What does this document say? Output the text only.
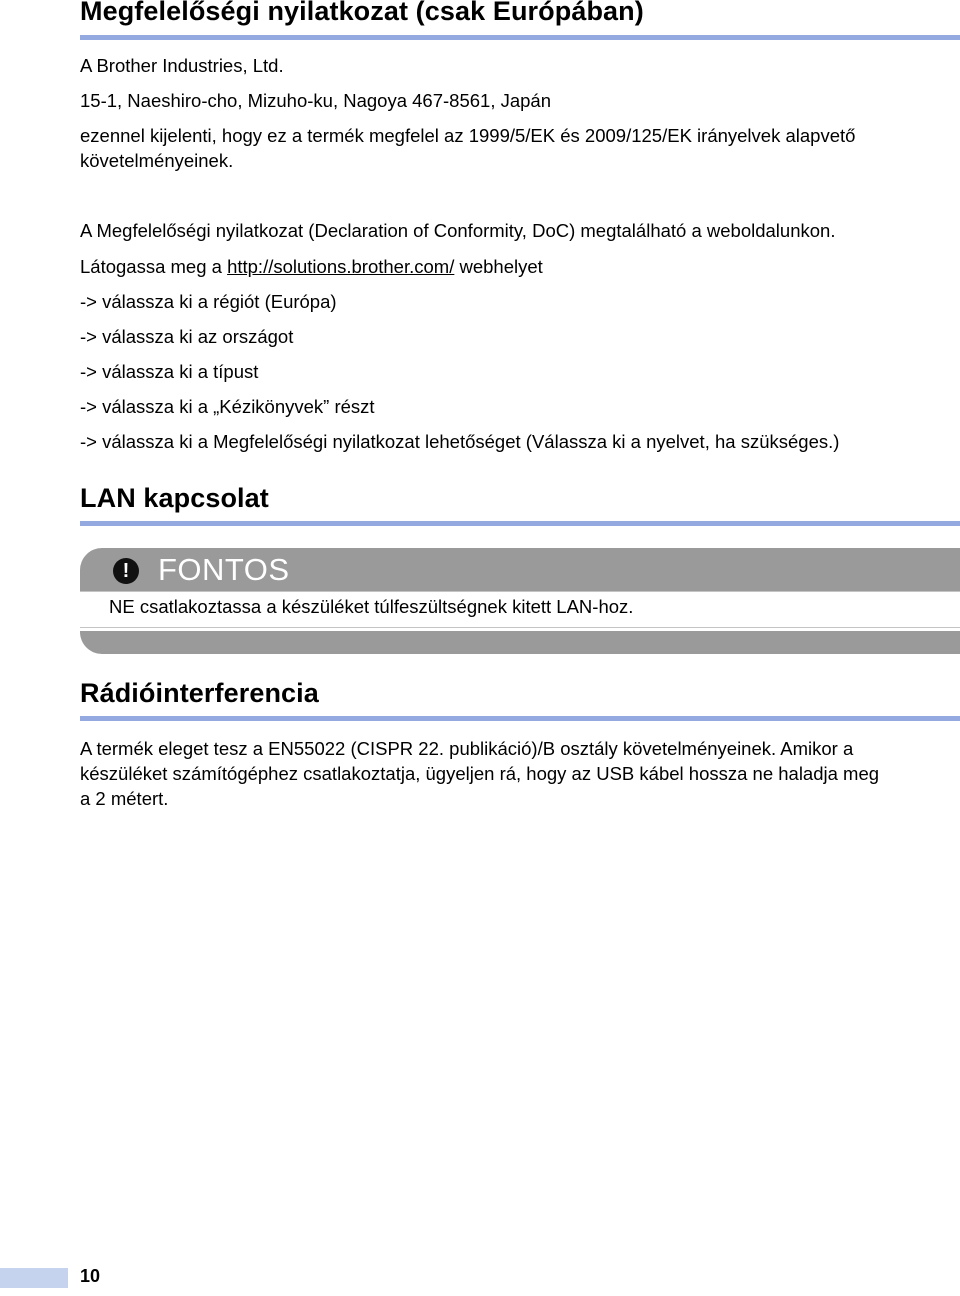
Megfelelőségi nyilatkozat (csak Európában)
A Brother Industries, Ltd.
15-1, Naeshiro-cho, Mizuho-ku, Nagoya 467-8561, Japán
ezennel kijelenti, hogy ez a termék megfelel az 1999/5/EK és 2009/125/EK irányelvek alapvető
követelményeinek.
A Megfelelőségi nyilatkozat (Declaration of Conformity, DoC) megtalálható a weboldalunkon.
Látogassa meg a http://solutions.brother.com/ webhelyet
-> válassza ki a régiót (Európa)
-> válassza ki az országot
-> válassza ki a típust
-> válassza ki a „Kézikönyvek” részt
-> válassza ki a Megfelelőségi nyilatkozat lehetőséget (Válassza ki a nyelvet, ha szükséges.)
LAN kapcsolat
! FONTOS
NE csatlakoztassa a készüléket túlfeszültségnek kitett LAN-hoz.
Rádióinterferencia
A termék eleget tesz a EN55022 (CISPR 22. publikáció)/B osztály követelményeinek. Amikor a
készüléket számítógéphez csatlakoztatja, ügyeljen rá, hogy az USB kábel hossza ne haladja meg
a 2 métert.
10
